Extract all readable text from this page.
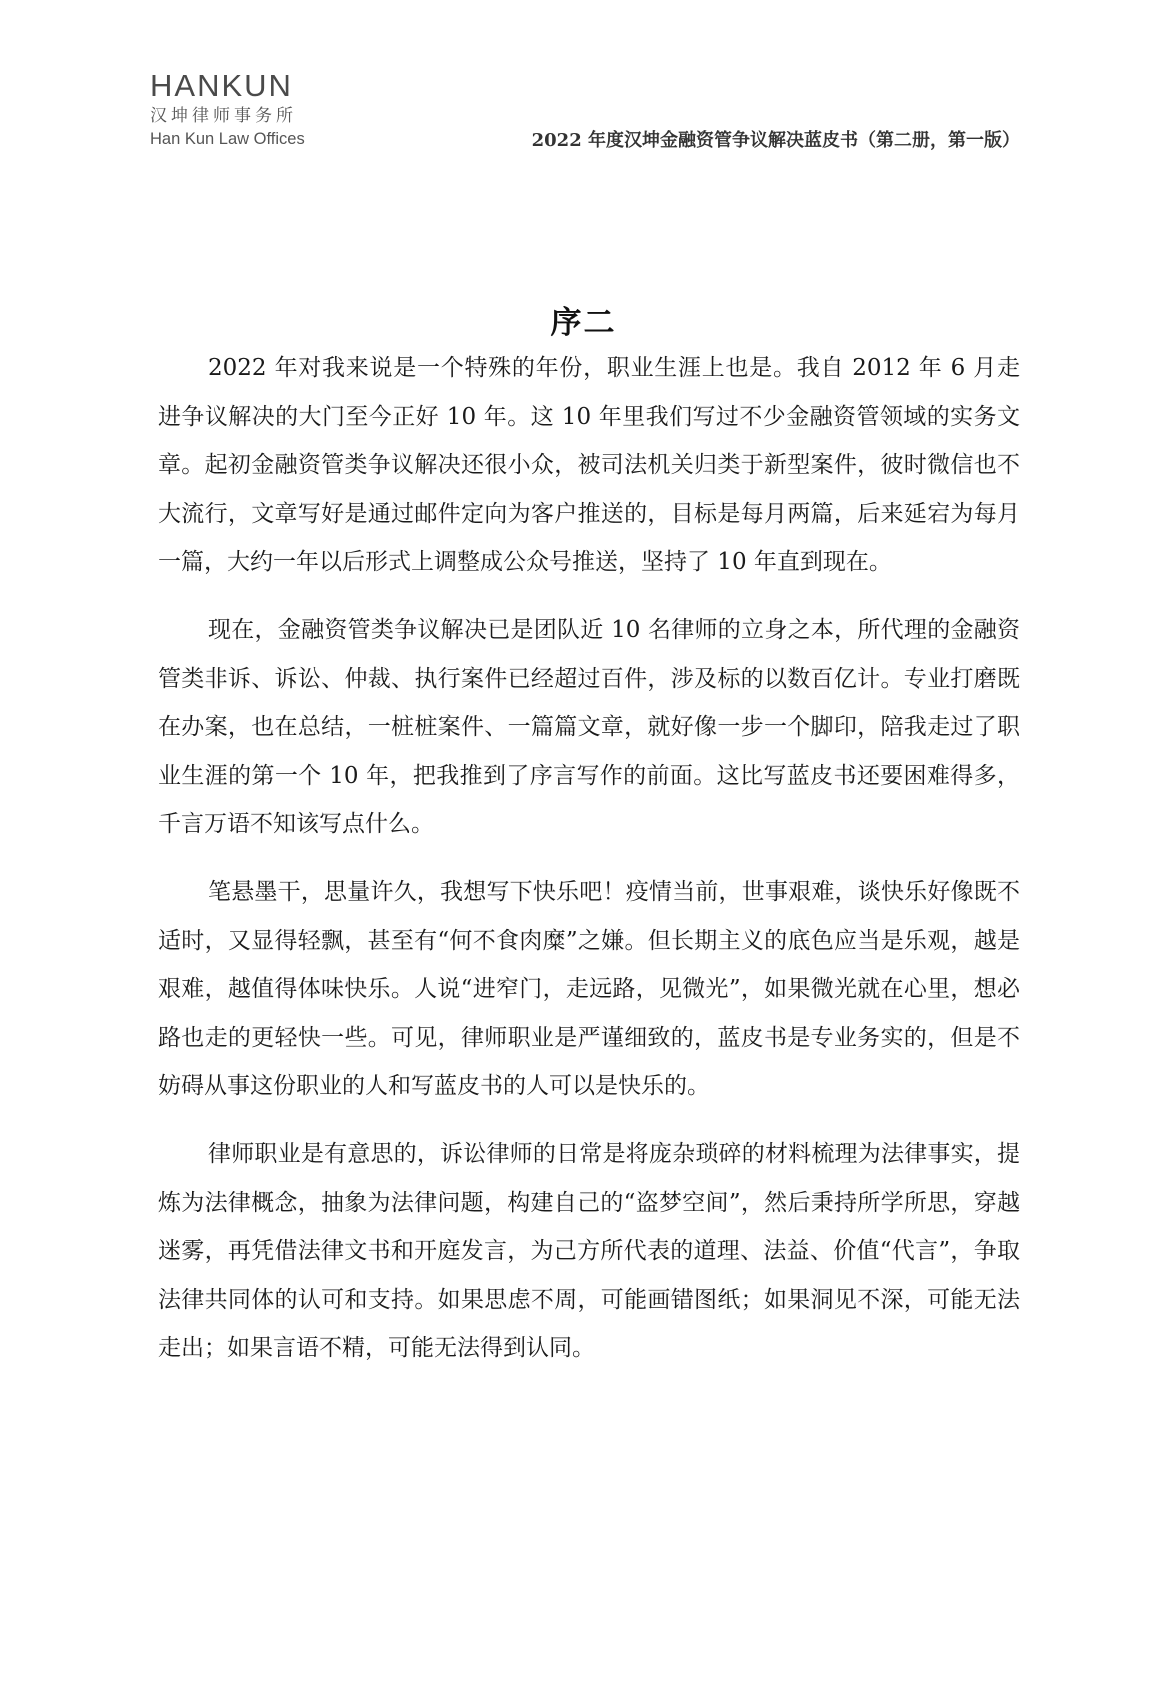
HANKUN
汉坤律师事务所
Han Kun Law Offices	2022 年度汉坤金融资管争议解决蓝皮书（第二册，第一版）
序二

2022 年对我来说是一个特殊的年份，职业生涯上也是。我自 2012 年 6 月走进争议解决的大门至今正好 10 年。这 10 年里我们写过不少金融资管领域的实务文章。起初金融资管类争议解决还很小众，被司法机关归类于新型案件，彼时微信也不大流行，文章写好是通过邮件定向为客户推送的，目标是每月两篇，后来延宕为每月一篇，大约一年以后形式上调整成公众号推送，坚持了 10 年直到现在。

现在，金融资管类争议解决已是团队近 10 名律师的立身之本，所代理的金融资管类非诉、诉讼、仲裁、执行案件已经超过百件，涉及标的以数百亿计。专业打磨既在办案，也在总结，一桩桩案件、一篇篇文章，就好像一步一个脚印，陪我走过了职业生涯的第一个 10 年，把我推到了序言写作的前面。这比写蓝皮书还要困难得多，千言万语不知该写点什么。

笔悬墨干，思量许久，我想写下快乐吧！疫情当前，世事艰难，谈快乐好像既不适时，又显得轻飘，甚至有“何不食肉糜”之嫌。但长期主义的底色应当是乐观，越是艰难，越值得体味快乐。人说“进窄门，走远路，见微光”，如果微光就在心里，想必路也走的更轻快一些。可见，律师职业是严谨细致的，蓝皮书是专业务实的，但是不妨碍从事这份职业的人和写蓝皮书的人可以是快乐的。

律师职业是有意思的，诉讼律师的日常是将庞杂琐碎的材料梳理为法律事实，提炼为法律概念，抽象为法律问题，构建自己的“盗梦空间”，然后秉持所学所思，穿越迷雾，再凭借法律文书和开庭发言，为己方所代表的道理、法益、价值“代言”，争取法律共同体的认可和支持。如果思虑不周，可能画错图纸；如果洞见不深，可能无法走出；如果言语不精，可能无法得到认同。
